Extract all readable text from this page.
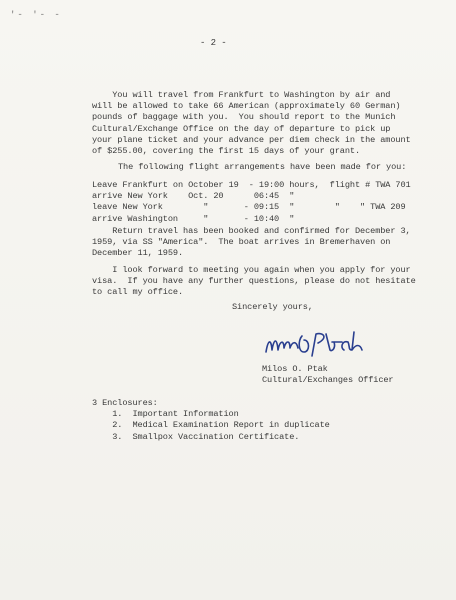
'- '- -
- 2 -
You will travel from Frankfurt to Washington by air and
will be allowed to take 66 American (approximately 60 German)
pounds of baggage with you.  You should report to the Munich
Cultural/Exchange Office on the day of departure to pick up
your plane ticket and your advance per diem check in the amount
of $255.00, covering the first 15 days of your grant.
The following flight arrangements have been made for you:
Leave Frankfurt on October 19  - 19:00 hours,  flight # TWA 701
arrive New York    Oct. 20      06:45  "
leave New York        "       - 09:15  "        "    " TWA 209
arrive Washington     "       - 10:40  "
Return travel has been booked and confirmed for December 3,
1959, via SS "America".  The boat arrives in Bremerhaven on
December 11, 1959.
I look forward to meeting you again when you apply for your
visa.  If you have any further questions, please do not hesitate
to call my office.
Sincerely yours,
Milos O. Ptak
Cultural/Exchanges Officer
3 Enclosures:
1.  Important Information
2.  Medical Examination Report in duplicate
3.  Smallpox Vaccination Certificate.
